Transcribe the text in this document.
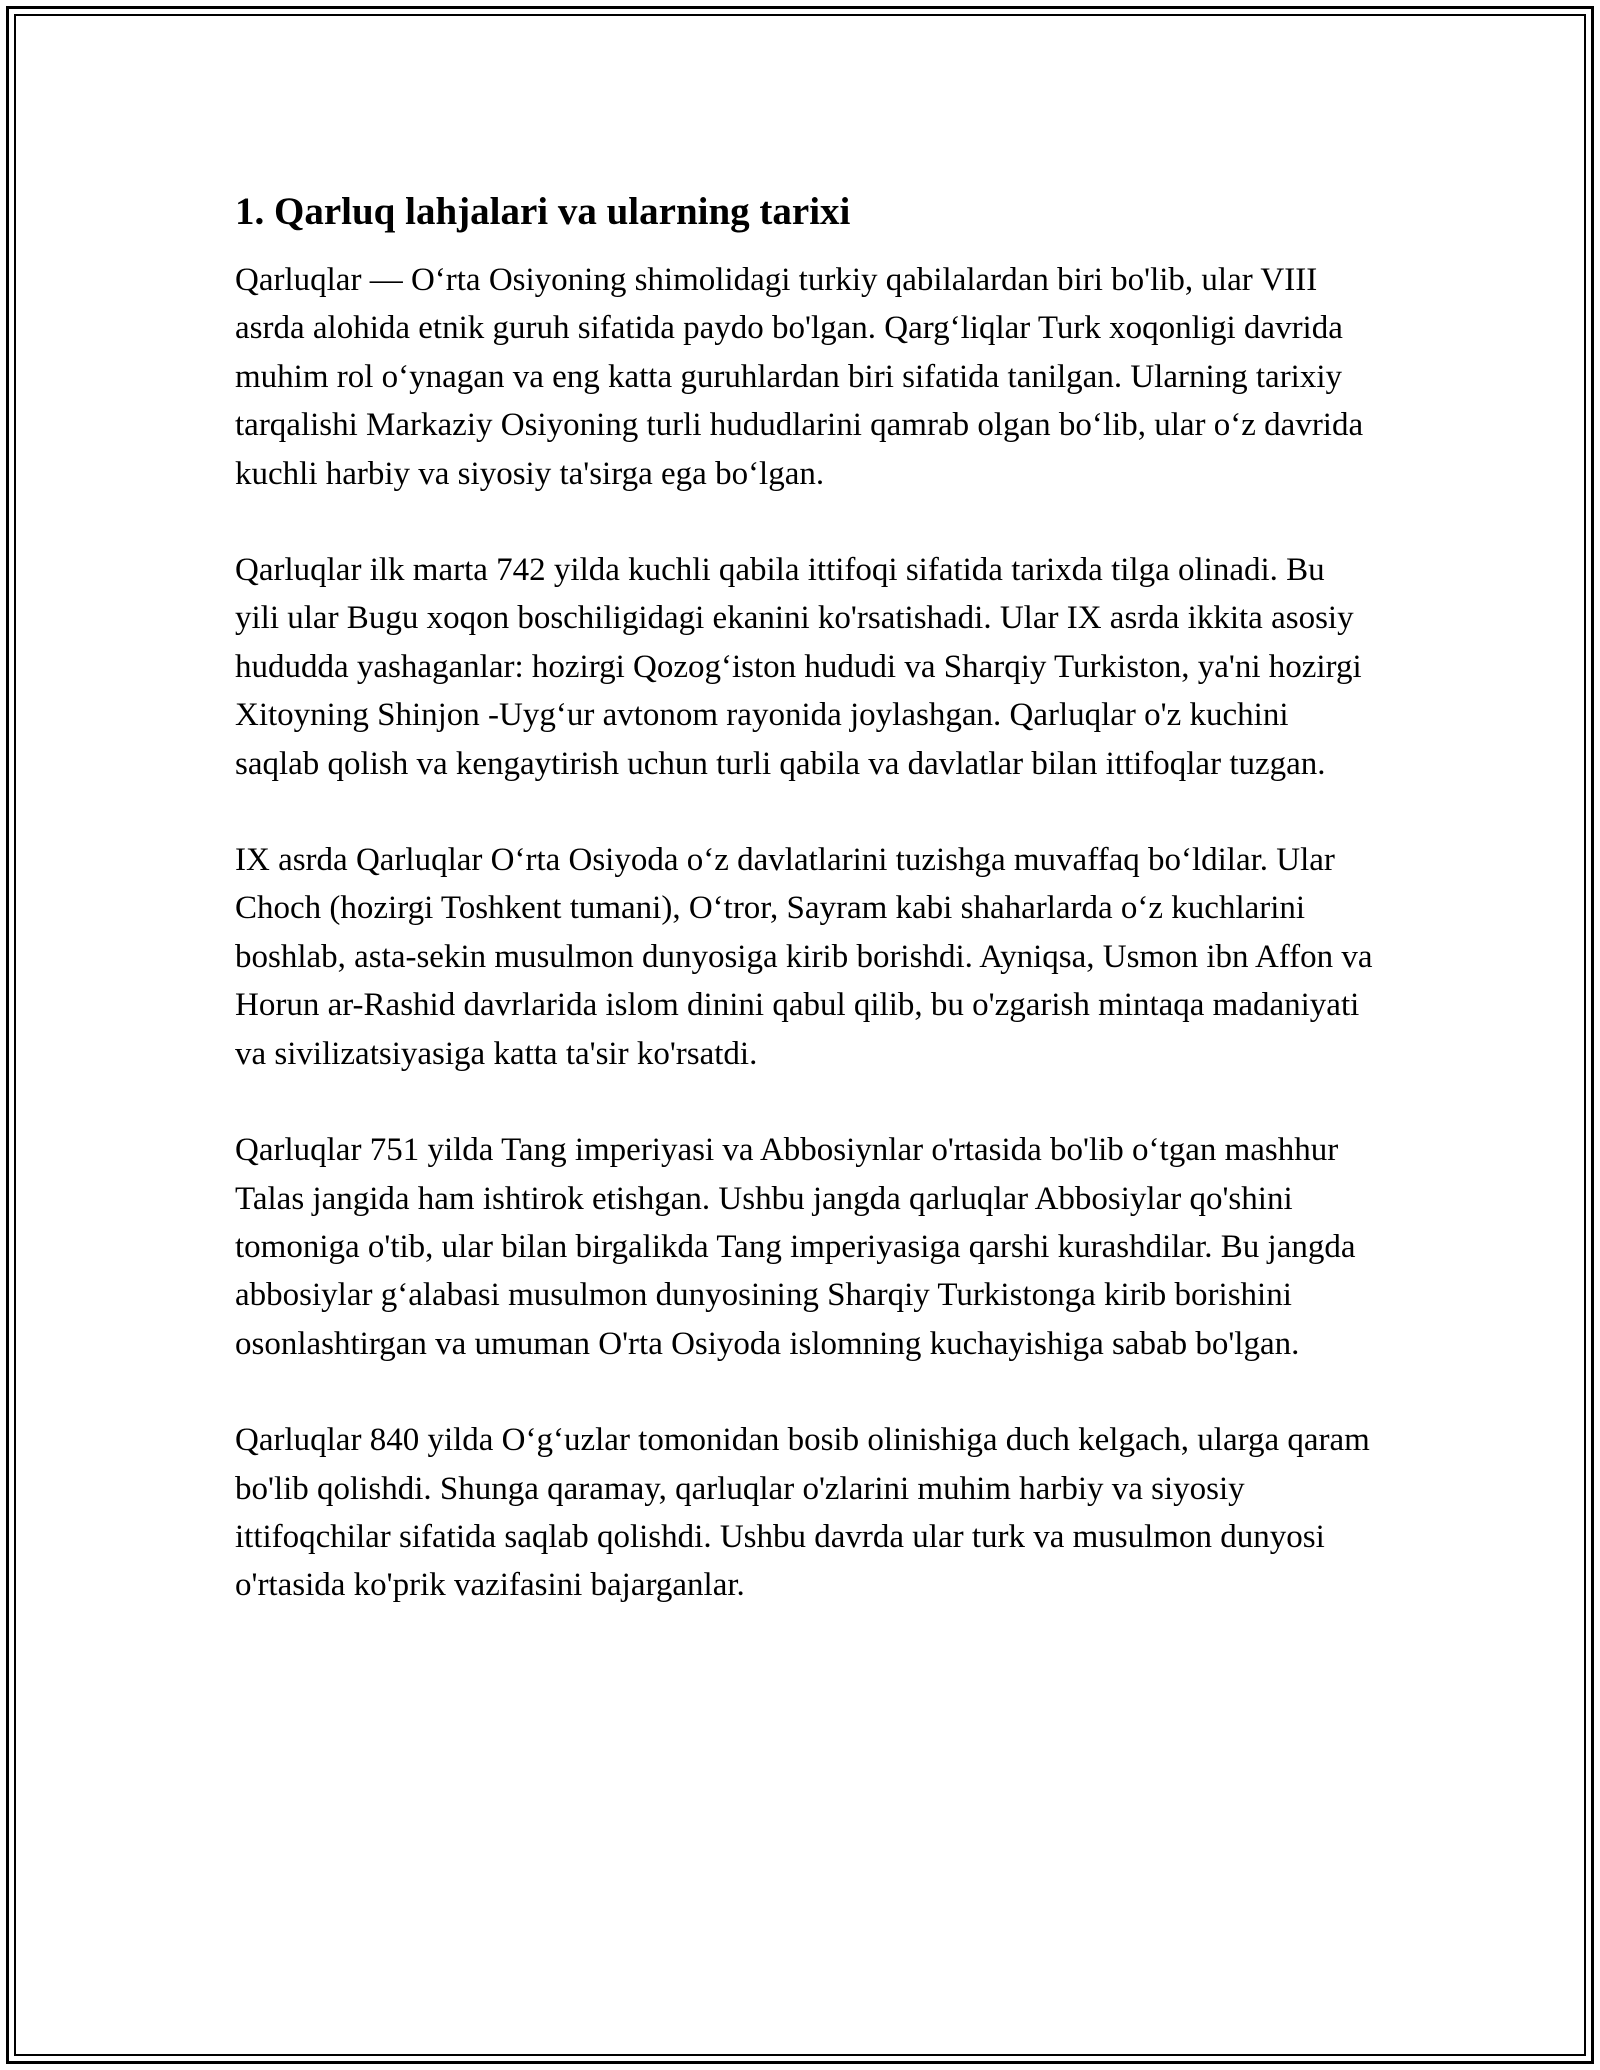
1. Qarluq lahjalari va ularning tarixi

Qarluqlar — O‘rta Osiyoning shimolidagi turkiy qabilalardan biri bo'lib, ular VIII asrda alohida etnik guruh sifatida paydo bo'lgan. Qarg‘liqlar Turk xoqonligi davrida muhim rol o‘ynagan va eng katta guruhlardan biri sifatida tanilgan. Ularning tarixiy tarqalishi Markaziy Osiyoning turli hududlarini qamrab olgan bo‘lib, ular o‘z davrida kuchli harbiy va siyosiy ta'sirga ega bo‘lgan.

Qarluqlar ilk marta 742 yilda kuchli qabila ittifoqi sifatida tarixda tilga olinadi. Bu yili ular Bugu xoqon boschiligidagi ekanini ko'rsatishadi. Ular IX asrda ikkita asosiy hududda yashaganlar: hozirgi Qozog‘iston hududi va Sharqiy Turkiston, ya'ni hozirgi Xitoyning Shinjon -Uyg‘ur avtonom rayonida joylashgan. Qarluqlar o'z kuchini saqlab qolish va kengaytirish uchun turli qabila va davlatlar bilan ittifoqlar tuzgan.

IX asrda Qarluqlar O‘rta Osiyoda o‘z davlatlarini tuzishga muvaffaq bo‘ldilar. Ular Choch (hozirgi Toshkent tumani), O‘tror, Sayram kabi shaharlarda o‘z kuchlarini boshlab, asta-sekin musulmon dunyosiga kirib borishdi. Ayniqsa, Usmon ibn Affon va Horun ar-Rashid davrlarida islom dinini qabul qilib, bu o'zgarish mintaqa madaniyati va sivilizatsiyasiga katta ta'sir ko'rsatdi.

Qarluqlar 751 yilda Tang imperiyasi va Abbosiynlar o'rtasida bo'lib o‘tgan mashhur Talas jangida ham ishtirok etishgan. Ushbu jangda qarluqlar Abbosiylar qo'shini tomoniga o'tib, ular bilan birgalikda Tang imperiyasiga qarshi kurashdilar. Bu jangda abbosiylar g‘alabasi musulmon dunyosining Sharqiy Turkistonga kirib borishini osonlashtirgan va umuman O'rta Osiyoda islomning kuchayishiga sabab bo'lgan.

Qarluqlar 840 yilda O‘g‘uzlar tomonidan bosib olinishiga duch kelgach, ularga qaram bo'lib qolishdi. Shunga qaramay, qarluqlar o'zlarini muhim harbiy va siyosiy ittifoqchilar sifatida saqlab qolishdi. Ushbu davrda ular turk va musulmon dunyosi o'rtasida ko'prik vazifasini bajarganlar.
